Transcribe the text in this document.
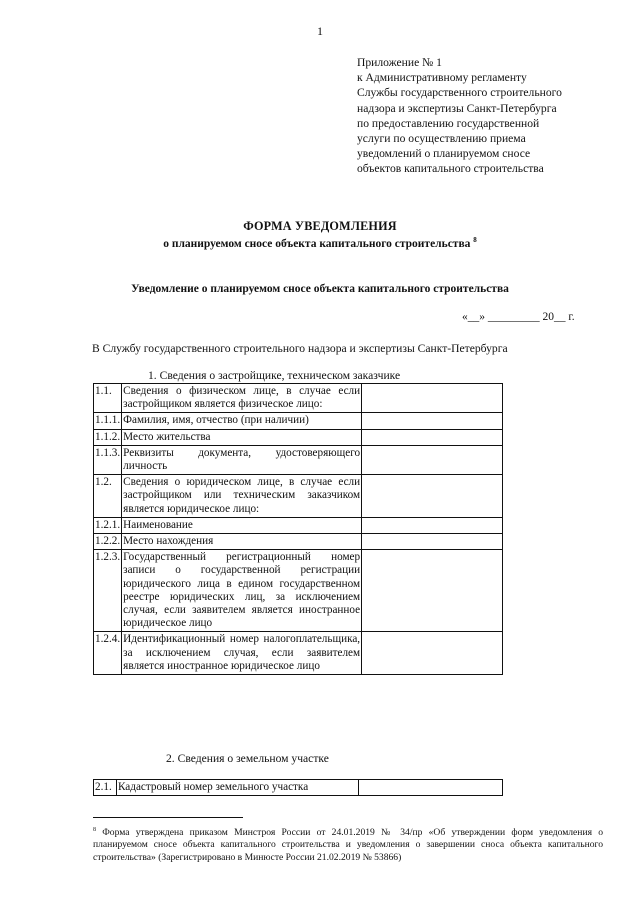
1
Приложение № 1
к Административному регламенту
Службы государственного строительного
надзора и экспертизы Санкт-Петербурга
по предоставлению государственной
услуги по осуществлению приема
уведомлений о планируемом сносе
объектов капитального строительства
ФОРМА УВЕДОМЛЕНИЯ
о планируемом сносе объекта капитального строительства $^8$
Уведомление о планируемом сносе объекта капитального строительства
«__» _________ 20__ г.
В Службу государственного строительного надзора и экспертизы Санкт-Петербурга
1. Сведения о застройщике, техническом заказчике
1.1.	Сведения о физическом лице, в случае если застройщиком является физическое лицо:	
1.1.1.	Фамилия, имя, отчество (при наличии)	
1.1.2.	Место жительства	
1.1.3.	Реквизиты документа, удостоверяющего личность	
1.2.	Сведения о юридическом лице, в случае если застройщиком или техническим заказчиком является юридическое лицо:	
1.2.1.	Наименование	
1.2.2.	Место нахождения	
1.2.3.	Государственный регистрационный номер записи о государственной регистрации юридического лица в едином государственном реестре юридических лиц, за исключением случая, если заявителем является иностранное юридическое лицо	
1.2.4.	Идентификационный номер налогоплательщика, за исключением случая, если заявителем является иностранное юридическое лицо	
2. Сведения о земельном участке
2.1.	Кадастровый номер земельного участка	
$^8$ Форма утверждена приказом Минстроя России от 24.01.2019 № 34/пр «Об утверждении форм уведомления о планируемом сносе объекта капитального строительства и уведомления о завершении сноса объекта капитального строительства» (Зарегистрировано в Минюсте России 21.02.2019 № 53866)
